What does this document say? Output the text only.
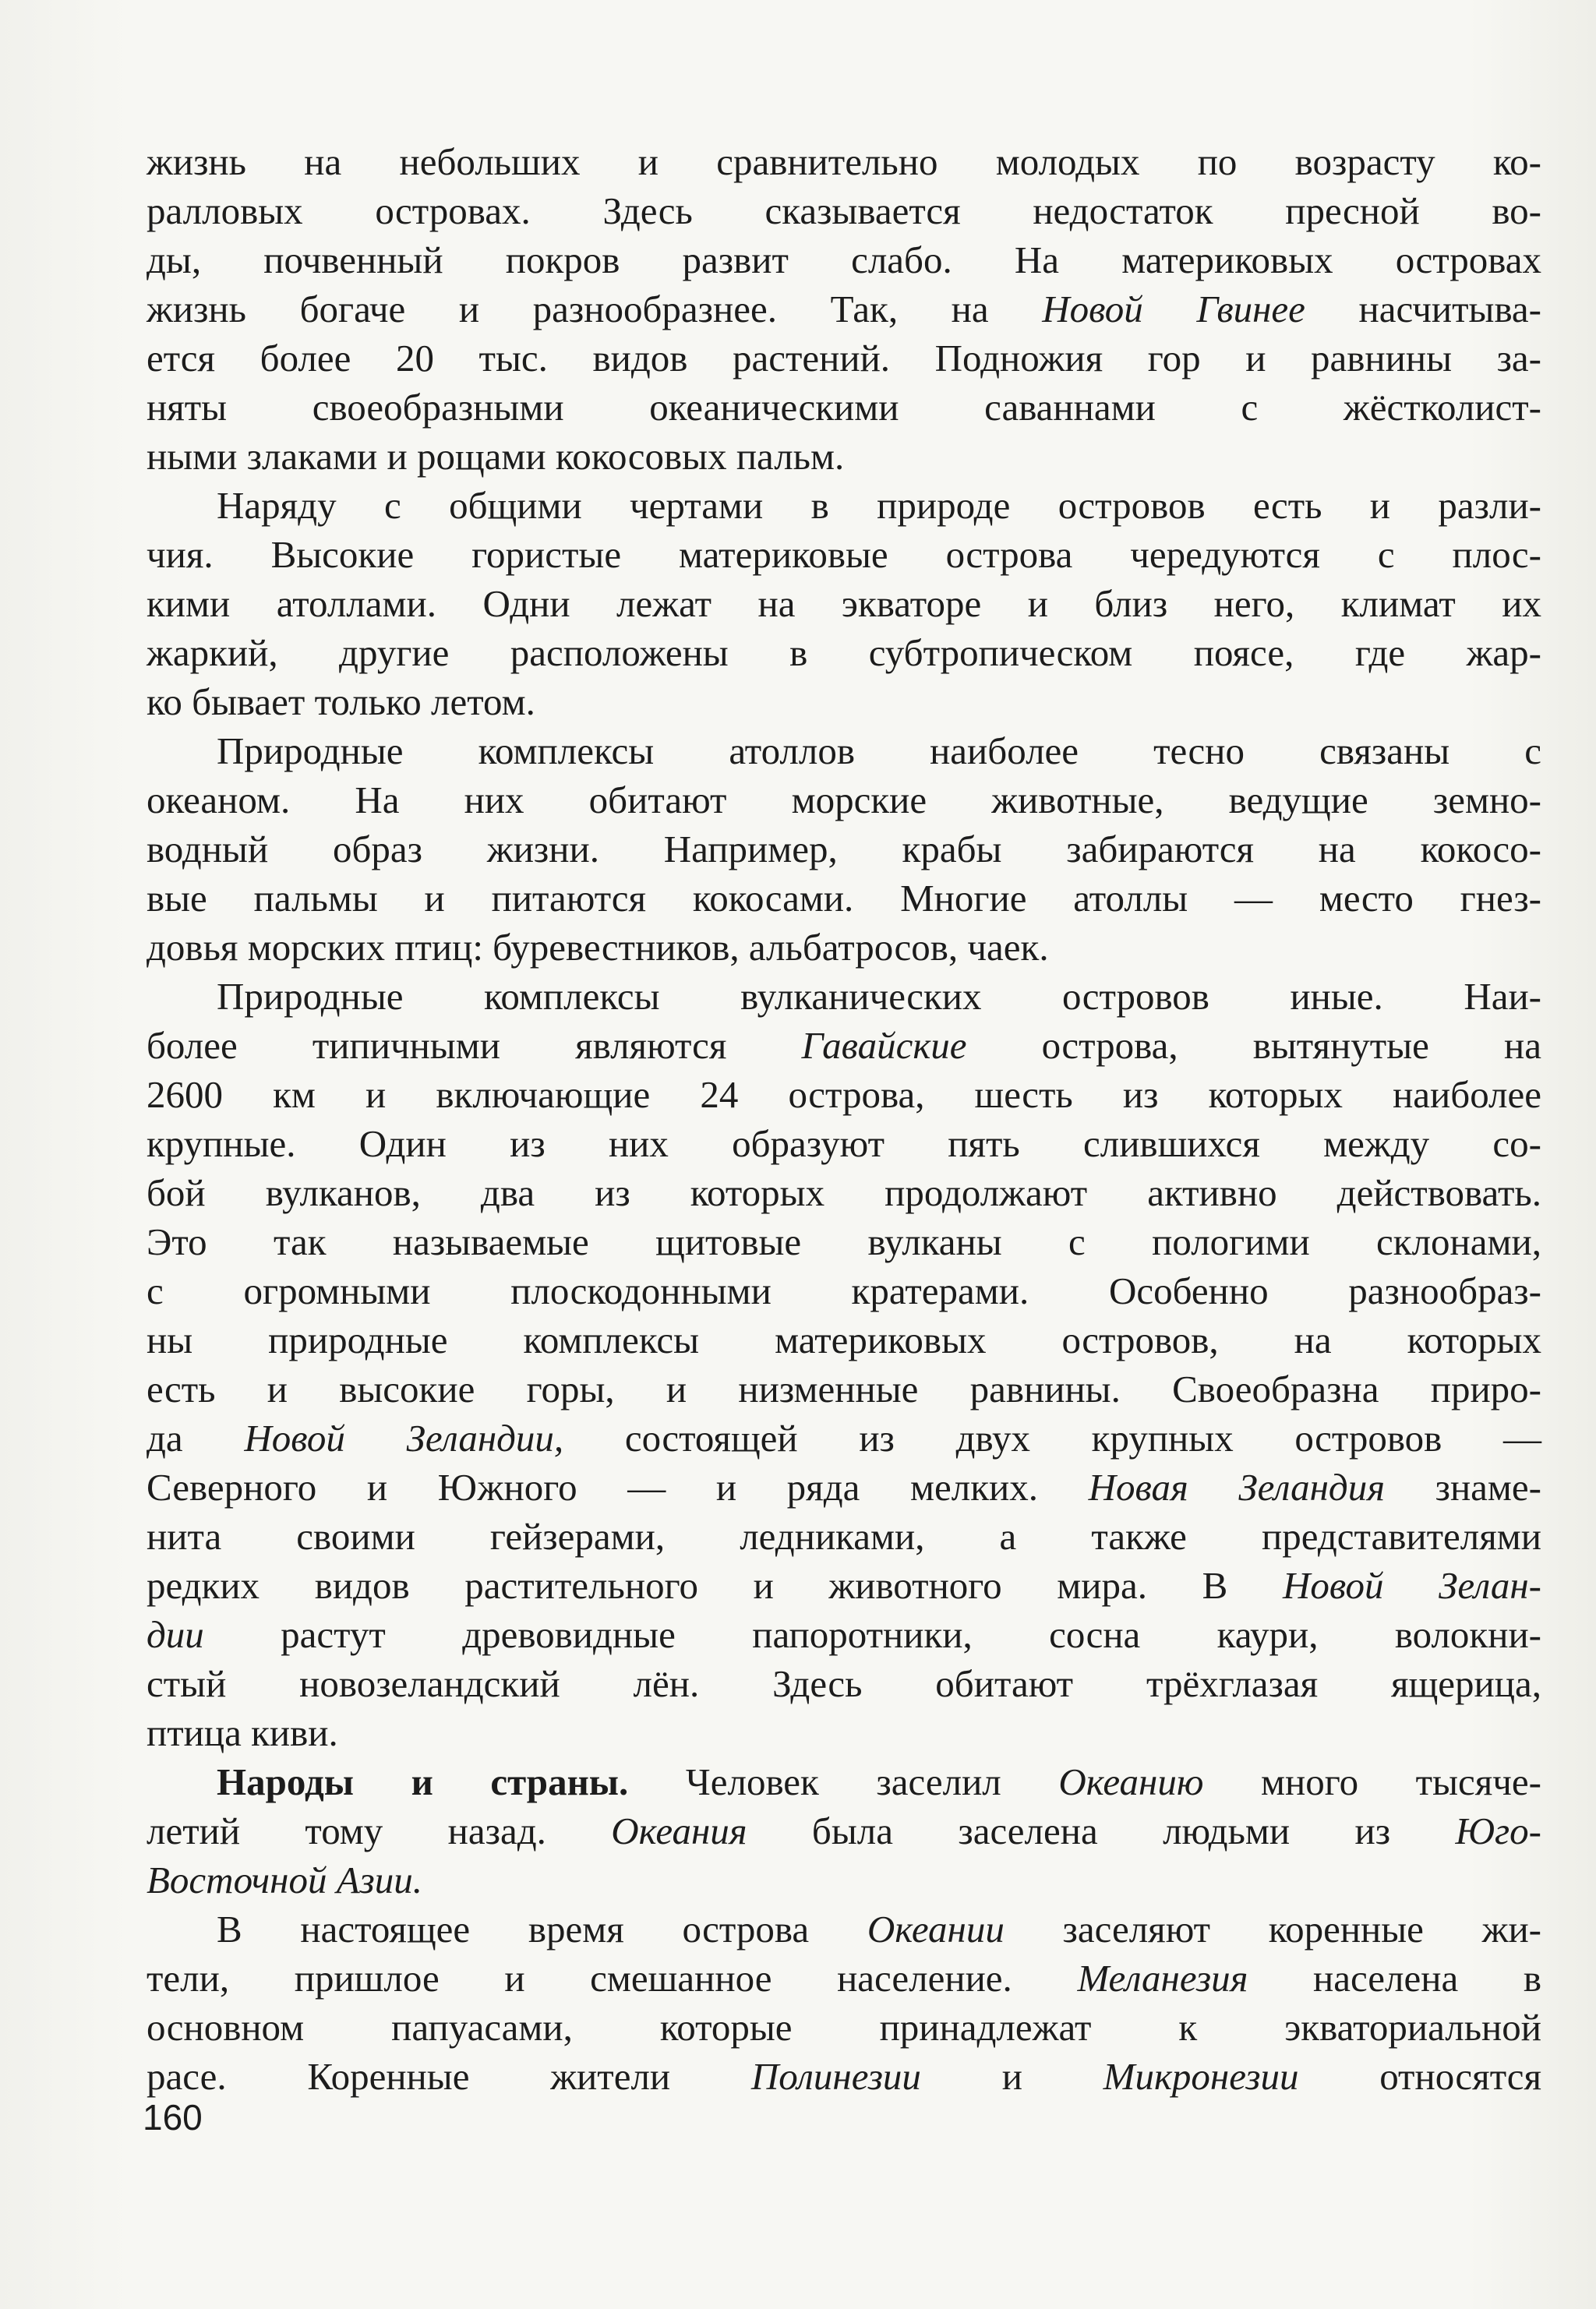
жизнь на небольших и сравнительно молодых по возрасту ко-
ралловых островах. Здесь сказывается недостаток пресной во-
ды, почвенный покров развит слабо. На материковых островах
жизнь богаче и разнообразнее. Так, на Новой Гвинее насчитыва-
ется более 20 тыс. видов растений. Подножия гор и равнины за-
няты своеобразными океаническими саваннами с жёстколист-
ными злаками и рощами кокосовых пальм.
Наряду с общими чертами в природе островов есть и разли-
чия. Высокие гористые материковые острова чередуются с плос-
кими атоллами. Одни лежат на экваторе и близ него, климат их
жаркий, другие расположены в субтропическом поясе, где жар-
ко бывает только летом.
Природные комплексы атоллов наиболее тесно связаны с
океаном. На них обитают морские животные, ведущие земно-
водный образ жизни. Например, крабы забираются на кокосо-
вые пальмы и питаются кокосами. Многие атоллы — место гнез-
довья морских птиц: буревестников, альбатросов, чаек.
Природные комплексы вулканических островов иные. Наи-
более типичными являются Гавайские острова, вытянутые на
2600 км и включающие 24 острова, шесть из которых наиболее
крупные. Один из них образуют пять слившихся между со-
бой вулканов, два из которых продолжают активно действовать.
Это так называемые щитовые вулканы с пологими склонами,
с огромными плоскодонными кратерами. Особенно разнообраз-
ны природные комплексы материковых островов, на которых
есть и высокие горы, и низменные равнины. Своеобразна приро-
да Новой Зеландии, состоящей из двух крупных островов —
Северного и Южного — и ряда мелких. Новая Зеландия знаме-
нита своими гейзерами, ледниками, а также представителями
редких видов растительного и животного мира. В Новой Зелан-
дии растут древовидные папоротники, сосна каури, волокни-
стый новозеландский лён. Здесь обитают трёхглазая ящерица,
птица киви.
Народы и страны. Человек заселил Океанию много тысяче-
летий тому назад. Океания была заселена людьми из Юго-
Восточной Азии.
В настоящее время острова Океании заселяют коренные жи-
тели, пришлое и смешанное население. Меланезия населена в
основном папуасами, которые принадлежат к экваториальной
расе. Коренные жители Полинезии и Микронезии относятся
160
